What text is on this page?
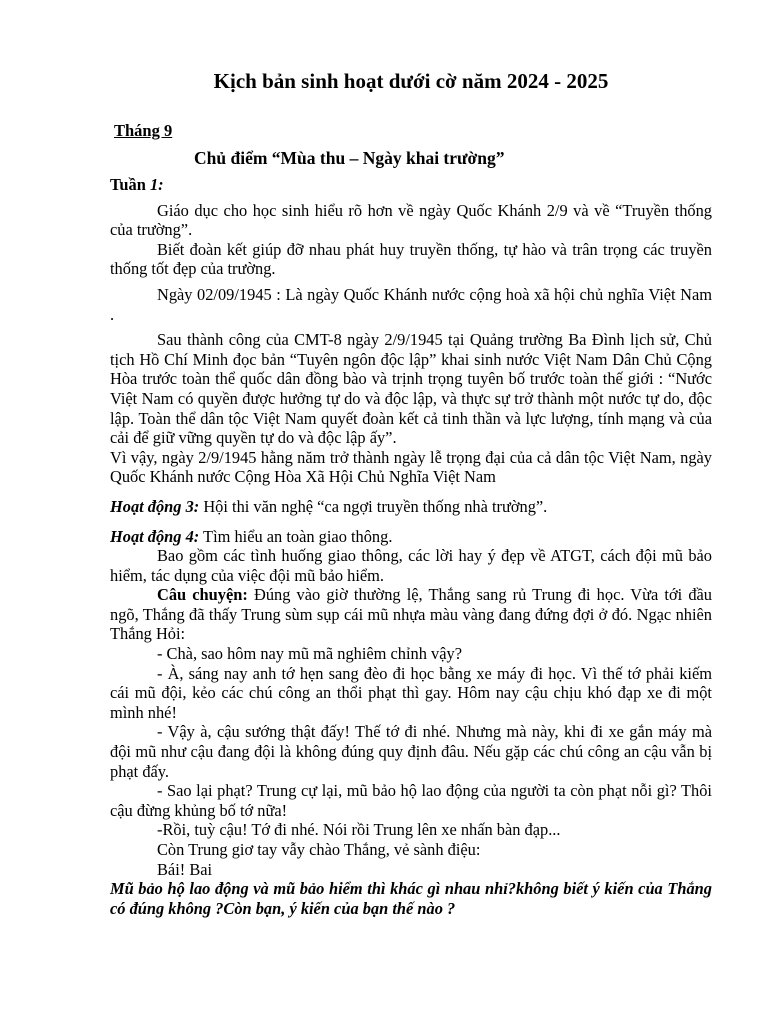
Kịch bản sinh hoạt dưới cờ năm 2024 - 2025
Tháng 9
Chủ điểm “Mùa thu – Ngày khai trường”

Tuần 1:

Giáo dục cho học sinh hiểu rõ hơn về ngày Quốc Khánh 2/9 và về “Truyền thống của trường”.

Biết đoàn kết giúp đỡ nhau phát huy truyền thống, tự hào và trân trọng các truyền thống tốt đẹp của trường.

Ngày 02/09/1945 : Là ngày Quốc Khánh nước cộng hoà xã hội chủ nghĩa Việt Nam .

Sau thành công của CMT-8 ngày 2/9/1945 tại Quảng trường Ba Đình lịch sử, Chủ tịch Hồ Chí Minh đọc bản “Tuyên ngôn độc lập” khai sinh nước Việt Nam Dân Chủ Cộng Hòa trước toàn thể quốc dân đồng bào và trịnh trọng tuyên bố trước toàn thế giới : “Nước Việt Nam có quyền được hưởng tự do và độc lập, và thực sự trở thành một nước tự do, độc lập. Toàn thể dân tộc Việt Nam quyết đoàn kết cả tinh thần và lực lượng, tính mạng và của cải để giữ vững quyền tự do và độc lập ấy”.

Vì vậy, ngày 2/9/1945 hằng năm trở thành ngày lễ trọng đại của cả dân tộc Việt Nam, ngày Quốc Khánh nước Cộng Hòa Xã Hội Chủ Nghĩa Việt Nam

Hoạt động 3: Hội thi văn nghệ “ca ngợi truyền thống nhà trường”.

Hoạt động 4: Tìm hiểu an toàn giao thông.

Bao gồm các tình huống giao thông, các lời hay ý đẹp về ATGT, cách đội mũ bảo hiểm, tác dụng của việc đội mũ bảo hiểm.

Câu chuyện: Đúng vào giờ thường lệ, Thắng sang rủ Trung đi học. Vừa tới đầu ngõ, Thắng đã thấy Trung sùm sụp cái mũ nhựa màu vàng đang đứng đợi ở đó. Ngạc nhiên Thắng Hỏi:

- Chà, sao hôm nay mũ mã nghiêm chỉnh vậy?

- À, sáng nay anh tớ hẹn sang đèo đi học bằng xe máy đi học. Vì thế tớ phải kiếm cái mũ đội, kẻo các chú công an thổi phạt thì gay. Hôm nay cậu chịu khó đạp xe đi một mình nhé!

- Vậy à, cậu sướng thật đấy! Thế tớ đi nhé. Nhưng mà này, khi đi xe gắn máy mà đội mũ như cậu đang đội là không đúng quy định đâu. Nếu gặp các chú công an cậu vẫn bị phạt đấy.

- Sao lại phạt? Trung cự lại, mũ bảo hộ lao động của người ta còn phạt nỗi gì? Thôi cậu đừng khủng bố tớ nữa!

-Rồi, tuỳ cậu! Tớ đi nhé. Nói rồi Trung lên xe nhấn bàn đạp...

Còn Trung giơ tay vẫy chào Thắng, vẻ sành điệu:

Bái! Bai

Mũ bảo hộ lao động và mũ bảo hiểm thì khác gì nhau nhỉ?không biết ý kiến của Thắng có đúng không ?Còn bạn, ý kiến của bạn thế nào ?
